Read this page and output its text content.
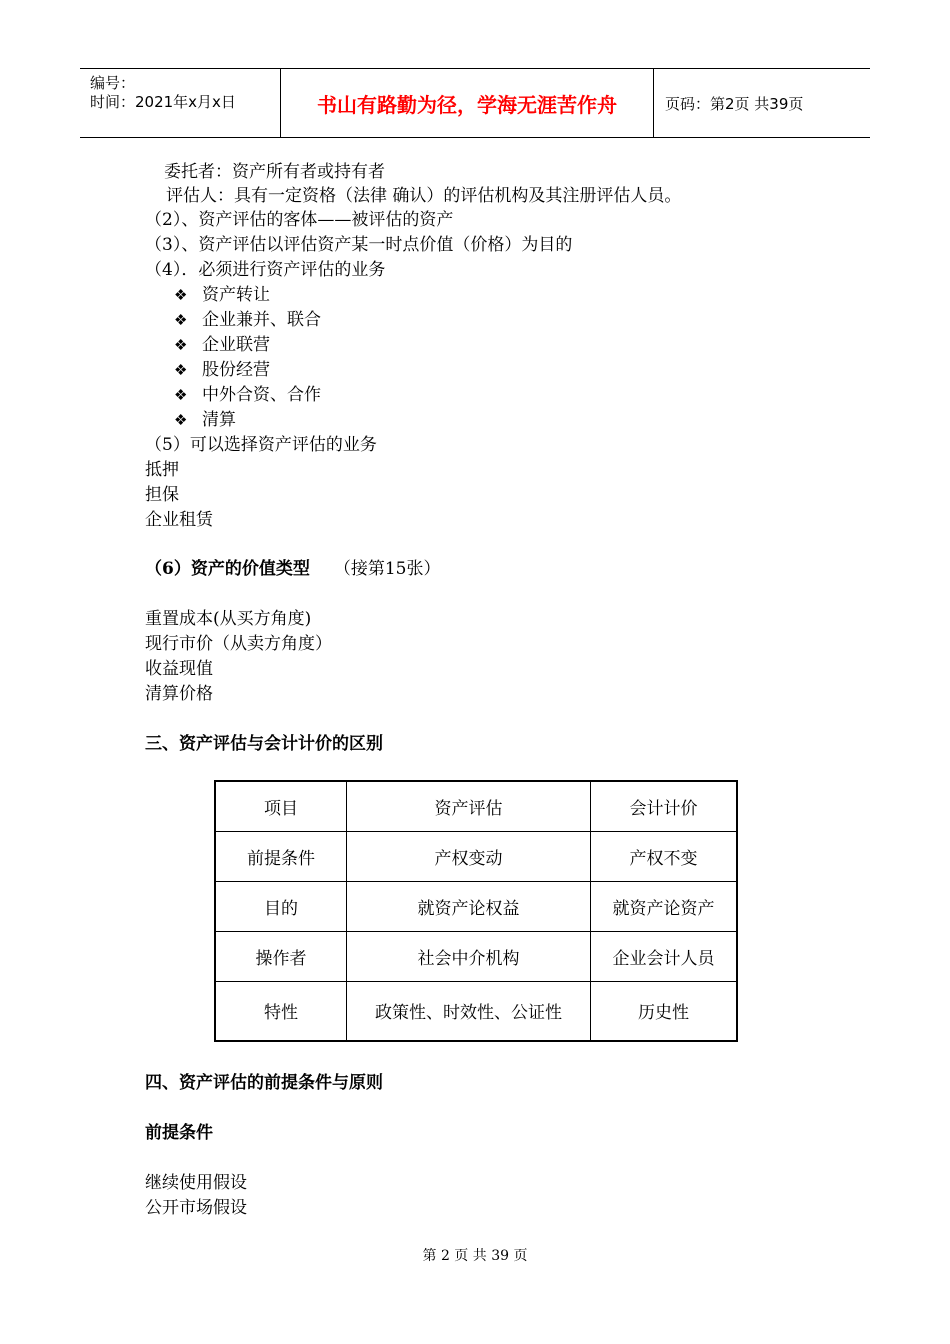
编号：
时间：2021年x月x日	书山有路勤为径，学海无涯苦作舟	页码：第2页 共39页
委托者：资产所有者或持有者
评估人：具有一定资格（法律 确认）的评估机构及其注册评估人员。
（2）、资产评估的客体——被评估的资产
（3）、资产评估以评估资产某一时点价值（价格）为目的
（4）．必须进行资产评估的业务
❖ 资产转让
❖ 企业兼并、联合
❖ 企业联营
❖ 股份经营
❖ 中外合资、合作
❖ 清算
（5）可以选择资产评估的业务
抵押
担保
企业租赁
（6）资产的价值类型 （接第15张）
重置成本(从买方角度)
现行市价（从卖方角度）
收益现值
清算价格
三、资产评估与会计计价的区别
项目	资产评估	会计计价
前提条件	产权变动	产权不变
目的	就资产论权益	就资产论资产
操作者	社会中介机构	企业会计人员
特性	政策性、时效性、公证性	历史性
四、资产评估的前提条件与原则
前提条件
继续使用假设
公开市场假设
第 2 页 共 39 页
